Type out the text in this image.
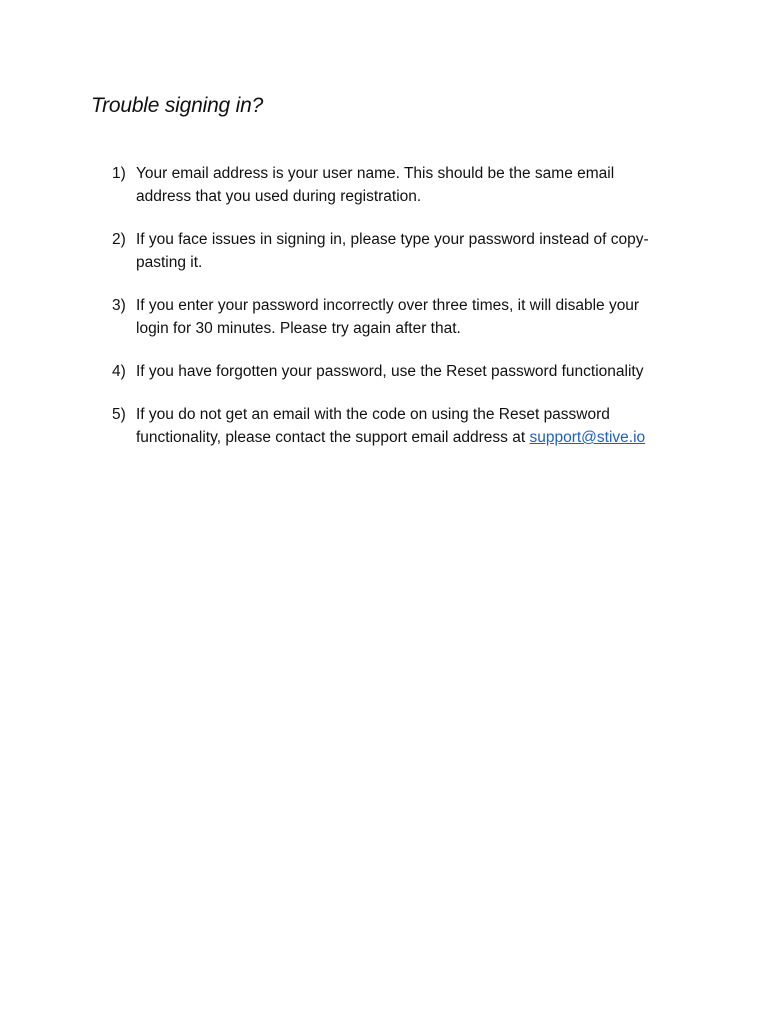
Trouble signing in?
1) Your email address is your user name. This should be the same email
address that you used during registration.
2) If you face issues in signing in, please type your password instead of copy-
pasting it.
3) If you enter your password incorrectly over three times, it will disable your
login for 30 minutes. Please try again after that.
4) If you have forgotten your password, use the Reset password functionality
5) If you do not get an email with the code on using the Reset password
functionality, please contact the support email address at support@stive.io
